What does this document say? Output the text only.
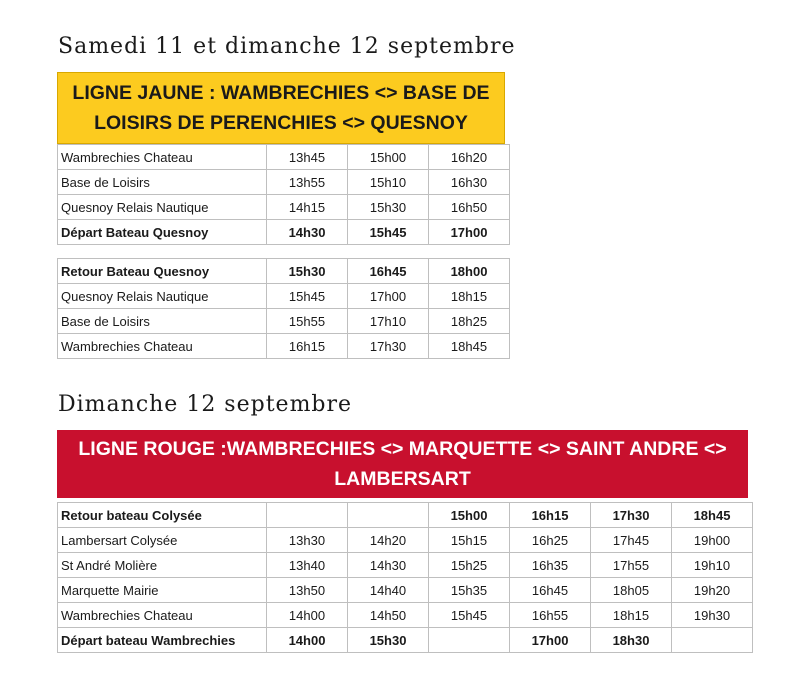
Samedi 11 et dimanche 12 septembre
LIGNE JAUNE : WAMBRECHIES <> BASE DE LOISIRS DE PERENCHIES <> QUESNOY
Wambrechies Chateau	13h45	15h00	16h20
Base de Loisirs	13h55	15h10	16h30
Quesnoy Relais Nautique	14h15	15h30	16h50
Départ Bateau Quesnoy	14h30	15h45	17h00
Retour Bateau Quesnoy	15h30	16h45	18h00
Quesnoy Relais Nautique	15h45	17h00	18h15
Base de Loisirs	15h55	17h10	18h25
Wambrechies Chateau	16h15	17h30	18h45
Dimanche 12 septembre
LIGNE ROUGE :WAMBRECHIES <> MARQUETTE <> SAINT ANDRE <> LAMBERSART
Retour bateau Colysée			15h00	16h15	17h30	18h45
Lambersart Colysée	13h30	14h20	15h15	16h25	17h45	19h00
St André Molière	13h40	14h30	15h25	16h35	17h55	19h10
Marquette Mairie	13h50	14h40	15h35	16h45	18h05	19h20
Wambrechies Chateau	14h00	14h50	15h45	16h55	18h15	19h30
Départ bateau Wambrechies	14h00	15h30		17h00	18h30	
